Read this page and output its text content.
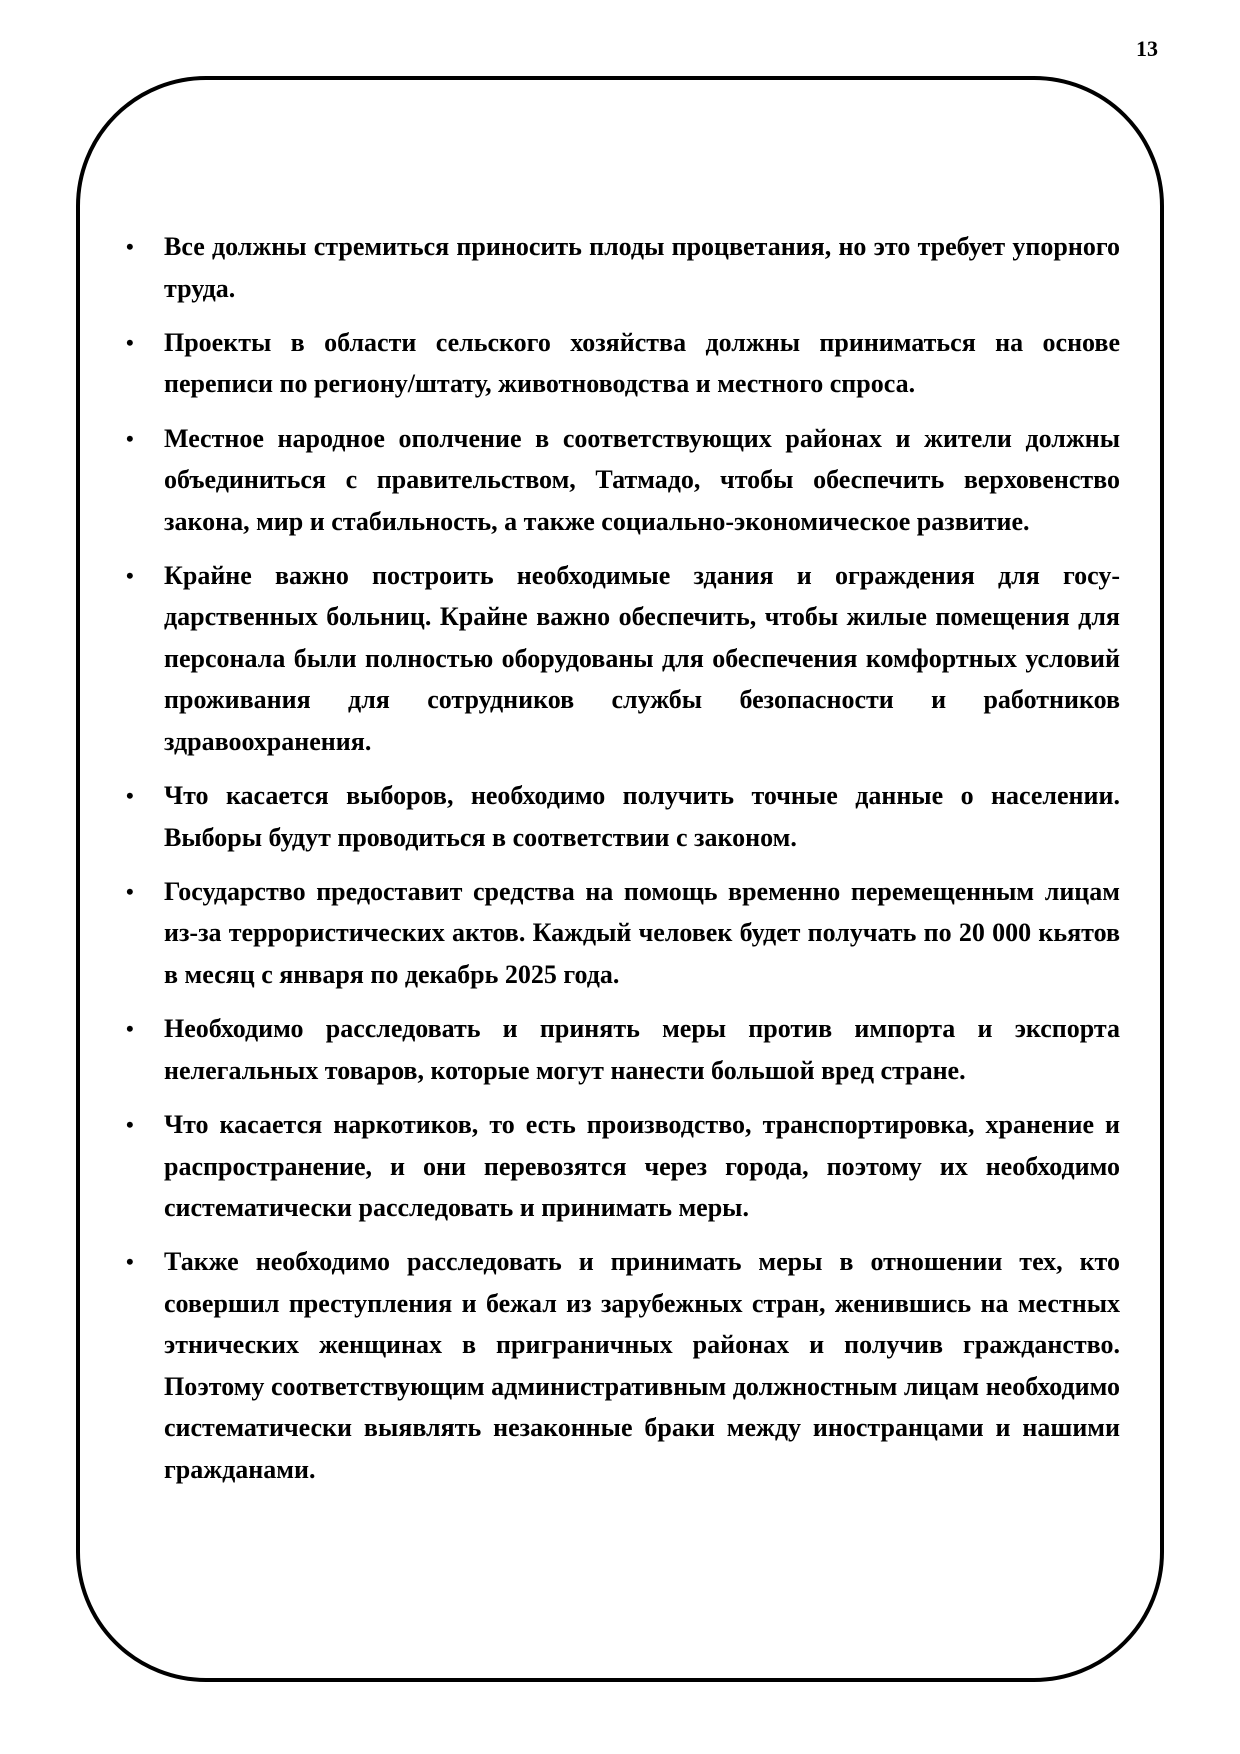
13
• Все должны стремиться приносить плоды процветания, но это требует упорного труда.
• Проекты в области сельского хозяйства должны приниматься на основе переписи по региону/штату, животноводства и местного спроса.
• Местное народное ополчение в соответствующих районах и жители должны объединиться с правительством, Татмадо, чтобы обеспечить верховенство закона, мир и стабильность, а также социально-экономическое развитие.
• Крайне важно построить необходимые здания и ограждения для государственных больниц. Крайне важно обеспечить, чтобы жилые помещения для персонала были полностью оборудованы для обеспечения комфортных условий проживания для сотрудников службы безопасности и работников здравоохранения.
• Что касается выборов, необходимо получить точные данные о населении. Выборы будут проводиться в соответствии с законом.
• Государство предоставит средства на помощь временно перемещенным лицам из-за террористических актов. Каждый человек будет получать по 20 000 кьятов в месяц с января по декабрь 2025 года.
• Необходимо расследовать и принять меры против импорта и экспорта нелегальных товаров, которые могут нанести большой вред стране.
• Что касается наркотиков, то есть производство, транспортировка, хранение и распространение, и они перевозятся через города, поэтому их необходимо систематически расследовать и принимать меры.
• Также необходимо расследовать и принимать меры в отношении тех, кто совершил преступления и бежал из зарубежных стран, женившись на местных этнических женщинах в приграничных районах и получив гражданство. Поэтому соответствующим административным должностным лицам необходимо систематически выявлять незаконные браки между иностранцами и нашими гражданами.
